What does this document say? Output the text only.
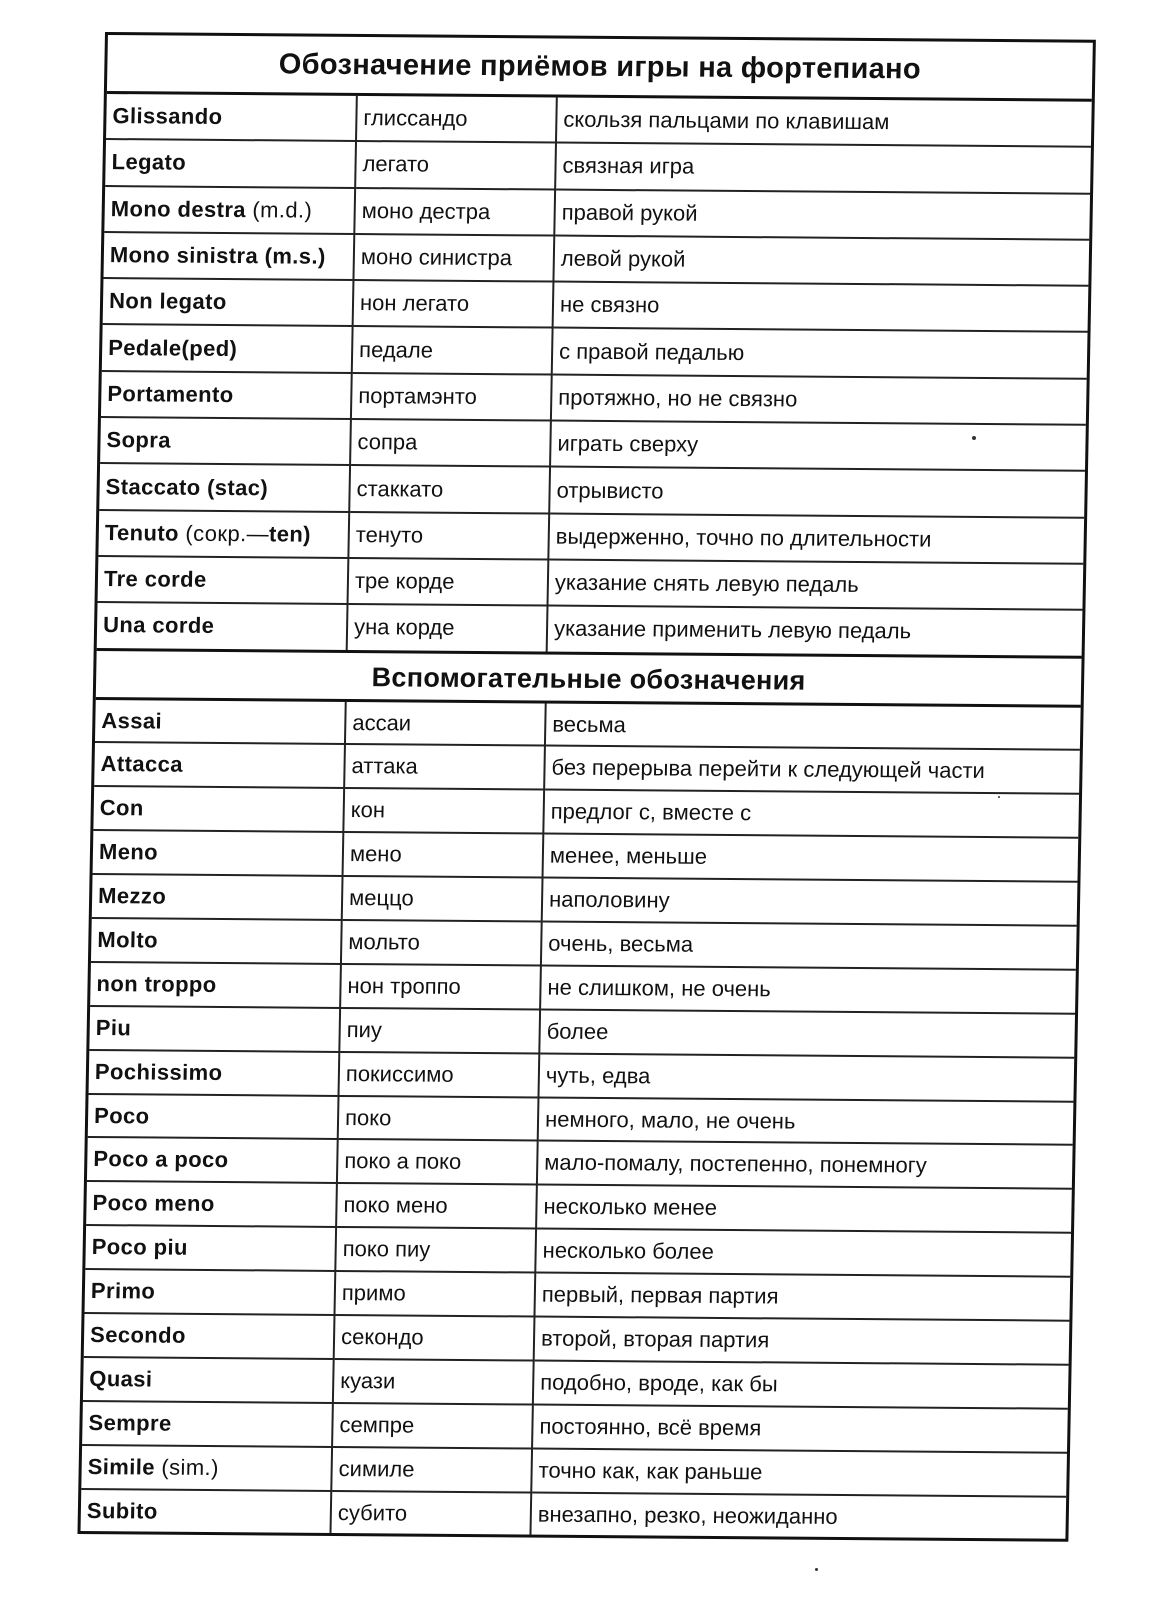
Обозначение приёмов игры на фортепиано
Glissando	глиссандо	скользя пальцами по клавишам
Legato	легато	связная игра
Mono destra (m.d.)	моно дестра	правой рукой
Mono sinistra (m.s.)	моно синистра	левой рукой
Non legato	нон легато	не связно
Pedale(ped)	педале	с правой педалью
Portamento	портамэнто	протяжно, но не связно
Sopra	сопра	играть сверху
Staccato (stac)	стаккато	отрывисто
Tenuto (сокр.—ten)	тенуто	выдерженно, точно по длительности
Tre corde	тре корде	указание снять левую педаль
Una corde	уна корде	указание применить левую педаль
Вспомогательные обозначения
Assai	ассаи	весьма
Attacca	аттака	без перерыва перейти к следующей части
Con	кон	предлог с, вместе с
Meno	мено	менее, меньше
Mezzo	меццо	наполовину
Molto	мольто	очень, весьма
non troppo	нон троппо	не слишком, не очень
Piu	пиу	более
Pochissimo	покиссимо	чуть, едва
Poco	поко	немного, мало, не очень
Poco a poco	поко а поко	мало-помалу, постепенно, понемногу
Poco meno	поко мено	несколько менее
Poco piu	поко пиу	несколько более
Primo	примо	первый, первая партия
Secondo	секондо	второй, вторая партия
Quasi	куази	подобно, вроде, как бы
Sempre	семпре	постоянно, всё время
Simile (sim.)	симиле	точно как, как раньше
Subito	субито	внезапно, резко, неожиданно
